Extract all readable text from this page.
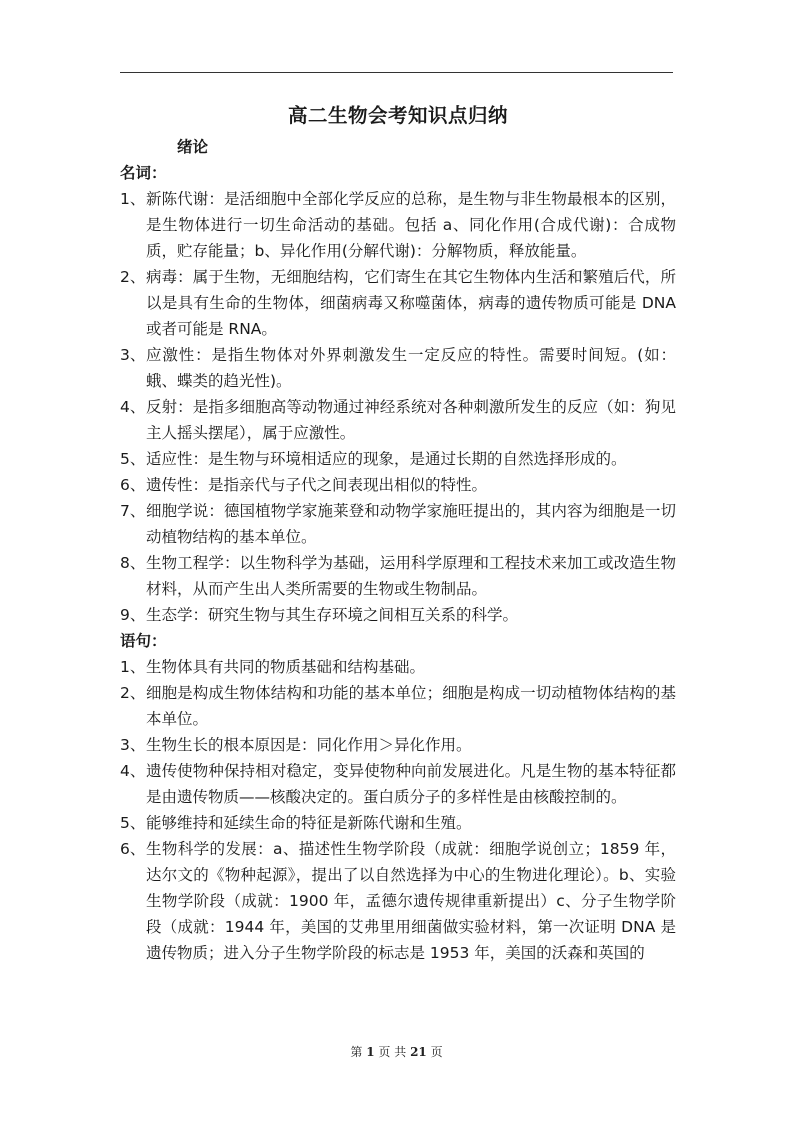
高二生物会考知识点归纳
绪论
名词：
1、 新陈代谢：是活细胞中全部化学反应的总称，是生物与非生物最根本的区别，是生物体进行一切生命活动的基础。包括 a、同化作用(合成代谢)：合成物质，贮存能量；b、异化作用(分解代谢)：分解物质，释放能量。
2、 病毒：属于生物，无细胞结构，它们寄生在其它生物体内生活和繁殖后代，所以是具有生命的生物体，细菌病毒又称噬菌体，病毒的遗传物质可能是 DNA 或者可能是 RNA。
3、 应激性：是指生物体对外界刺激发生一定反应的特性。需要时间短。(如：蛾、蝶类的趋光性)。
4、 反射：是指多细胞高等动物通过神经系统对各种刺激所发生的反应（如：狗见主人摇头摆尾），属于应激性。
5、 适应性：是生物与环境相适应的现象，是通过长期的自然选择形成的。
6、 遗传性：是指亲代与子代之间表现出相似的特性。
7、 细胞学说：德国植物学家施莱登和动物学家施旺提出的，其内容为细胞是一切动植物结构的基本单位。
8、 生物工程学：以生物科学为基础，运用科学原理和工程技术来加工或改造生物材料，从而产生出人类所需要的生物或生物制品。
9、 生态学：研究生物与其生存环境之间相互关系的科学。
语句：
1、 生物体具有共同的物质基础和结构基础。
2、 细胞是构成生物体结构和功能的基本单位；细胞是构成一切动植物体结构的基本单位。
3、 生物生长的根本原因是：同化作用＞异化作用。
4、 遗传使物种保持相对稳定，变异使物种向前发展进化。凡是生物的基本特征都是由遗传物质——核酸决定的。蛋白质分子的多样性是由核酸控制的。
5、 能够维持和延续生命的特征是新陈代谢和生殖。
6、 生物科学的发展：a、描述性生物学阶段（成就：细胞学说创立；1859 年，达尔文的《物种起源》，提出了以自然选择为中心的生物进化理论）。b、实验生物学阶段（成就：1900 年，孟德尔遗传规律重新提出）c、分子生物学阶段（成就：1944 年，美国的艾弗里用细菌做实验材料，第一次证明 DNA 是遗传物质；进入分子生物学阶段的标志是 1953 年，美国的沃森和英国的
第 1 页 共 21 页
